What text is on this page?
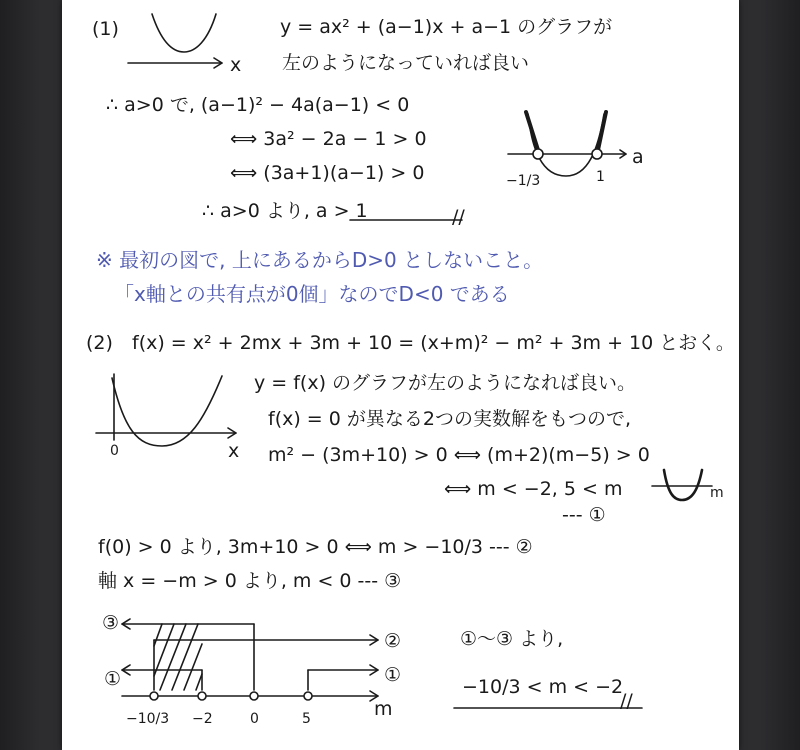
(1)	y = ax² + (a−1)x + a−1 のグラフが
左のようになっていれば良い
x
∴ a>0 で, (a−1)² − 4a(a−1) < 0
⟺ 3a² − 2a − 1 > 0
⟺ (3a+1)(a−1) > 0
∴ a>0 より, a > 1	//
−1/3	1
a
※ 最初の図で, 上にあるからD>0 としないこと。
「x軸との共有点が0個」なのでD<0 である
(2) f(x) = x² + 2mx + 3m + 10 = (x+m)² − m² + 3m + 10 とおく。
0	x
y = f(x) のグラフが左のようになれば良い。
f(x) = 0 が異なる2つの実数解をもつので,
m² − (3m+10) > 0 ⟺ (m+2)(m−5) > 0
⟺ m < −2, 5 < m	m
--- ①
f(0) > 0 より, 3m+10 > 0 ⟺ m > −10/3 --- ②
軸 x = −m > 0 より, m < 0 --- ③
③
②
①	①
m
−10/3 −2	0	5
①〜③ より,
−10/3 < m < −2
//
